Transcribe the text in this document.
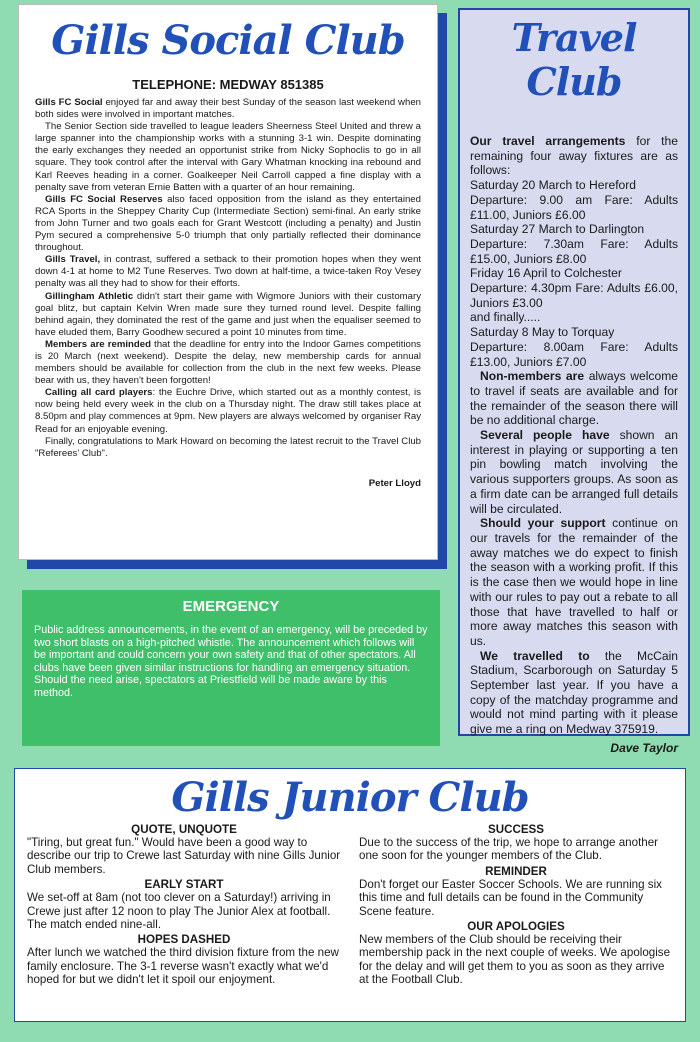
Gills Social Club
TELEPHONE: MEDWAY 851385

Gills FC Social enjoyed far and away their best Sunday of the season last weekend when both sides were involved in important matches.

The Senior Section side travelled to league leaders Sheerness Steel United and threw a large spanner into the championship works with a stunning 3-1 win. Despite dominating the early exchanges they needed an opportunist strike from Nicky Sophoclis to go in all square. They took control after the interval with Gary Whatman knocking ina rebound and Karl Reeves heading in a corner. Goalkeeper Neil Carroll capped a fine display with a penalty save from veteran Ernie Batten with a quarter of an hour remaining.

Gills FC Social Reserves also faced opposition from the island as they entertained RCA Sports in the Sheppey Charity Cup (Intermediate Section) semi-final. An early strike from John Turner and two goals each for Grant Westcott (including a penalty) and Justin Pym secured a comprehensive 5-0 triumph that only partially reflected their dominance throughout.

Gills Travel, in contrast, suffered a setback to their promotion hopes when they went down 4-1 at home to M2 Tune Reserves. Two down at half-time, a twice-taken Roy Vesey penalty was all they had to show for their efforts.

Gillingham Athletic didn't start their game with Wigmore Juniors with their customary goal blitz, but captain Kelvin Wren made sure they turned round level. Despite falling behind again, they dominated the rest of the game and just when the equaliser seemed to have eluded them, Barry Goodhew secured a point 10 minutes from time.

Members are reminded that the deadline for entry into the Indoor Games competitions is 20 March (next weekend). Despite the delay, new membership cards for annual members should be available for collection from the club in the next few weeks. Please bear with us, they haven't been forgotten!

Calling all card players: the Euchre Drive, which started out as a monthly contest, is now being held every week in the club on a Thursday night. The draw still takes place at 8.50pm and play commences at 9pm. New players are always welcomed by organiser Ray Read for an enjoyable evening.

Finally, congratulations to Mark Howard on becoming the latest recruit to the Travel Club "Referees' Club".

Peter Lloyd
Travel Club

Our travel arrangements for the remaining four away fixtures are as follows:

Saturday 20 March to Hereford

Departure: 9.00 am Fare: Adults £11.00, Juniors £6.00

Saturday 27 March to Darlington

Departure: 7.30am Fare: Adults £15.00, Juniors £8.00

Friday 16 April to Colchester

Departure: 4.30pm Fare: Adults £6.00, Juniors £3.00

and finally.....

Saturday 8 May to Torquay

Departure: 8.00am Fare: Adults £13.00, Juniors £7.00

Non-members are always welcome to travel if seats are available and for the remainder of the season there will be no additional charge.

Several people have shown an interest in playing or supporting a ten pin bowling match involving the various supporters groups. As soon as a firm date can be arranged full details will be circulated.

Should your support continue on our travels for the remainder of the away matches we do expect to finish the season with a working profit. If this is the case then we would hope in line with our rules to pay out a rebate to all those that have travelled to half or more away matches this season with us.

We travelled to the McCain Stadium, Scarborough on Saturday 5 September last year. If you have a copy of the matchday programme and would not mind parting with it please give me a ring on Medway 375919.

Dave Taylor
EMERGENCY

Public address announcements, in the event of an emergency, will be preceded by two short blasts on a high-pitched whistle. The announcement which follows will be important and could concern your own safety and that of other spectators. All clubs have been given similar instructions for handling an emergency situation. Should the need arise, spectators at Priestfield will be made aware by this method.

Gills Junior Club
QUOTE, UNQUOTE

"Tiring, but great fun." Would have been a good way to describe our trip to Crewe last Saturday with nine Gills Junior Club members.

EARLY START

We set-off at 8am (not too clever on a Saturday!) arriving in Crewe just after 12 noon to play The Junior Alex at football. The match ended nine-all.

HOPES DASHED

After lunch we watched the third division fixture from the new family enclosure. The 3-1 reverse wasn't exactly what we'd hoped for but we didn't let it spoil our enjoyment.

SUCCESS

Due to the success of the trip, we hope to arrange another one soon for the younger members of the Club.

REMINDER

Don't forget our Easter Soccer Schools. We are running six this time and full details can be found in the Community Scene feature.

OUR APOLOGIES

New members of the Club should be receiving their membership pack in the next couple of weeks. We apologise for the delay and will get them to you as soon as they arrive at the Football Club.
